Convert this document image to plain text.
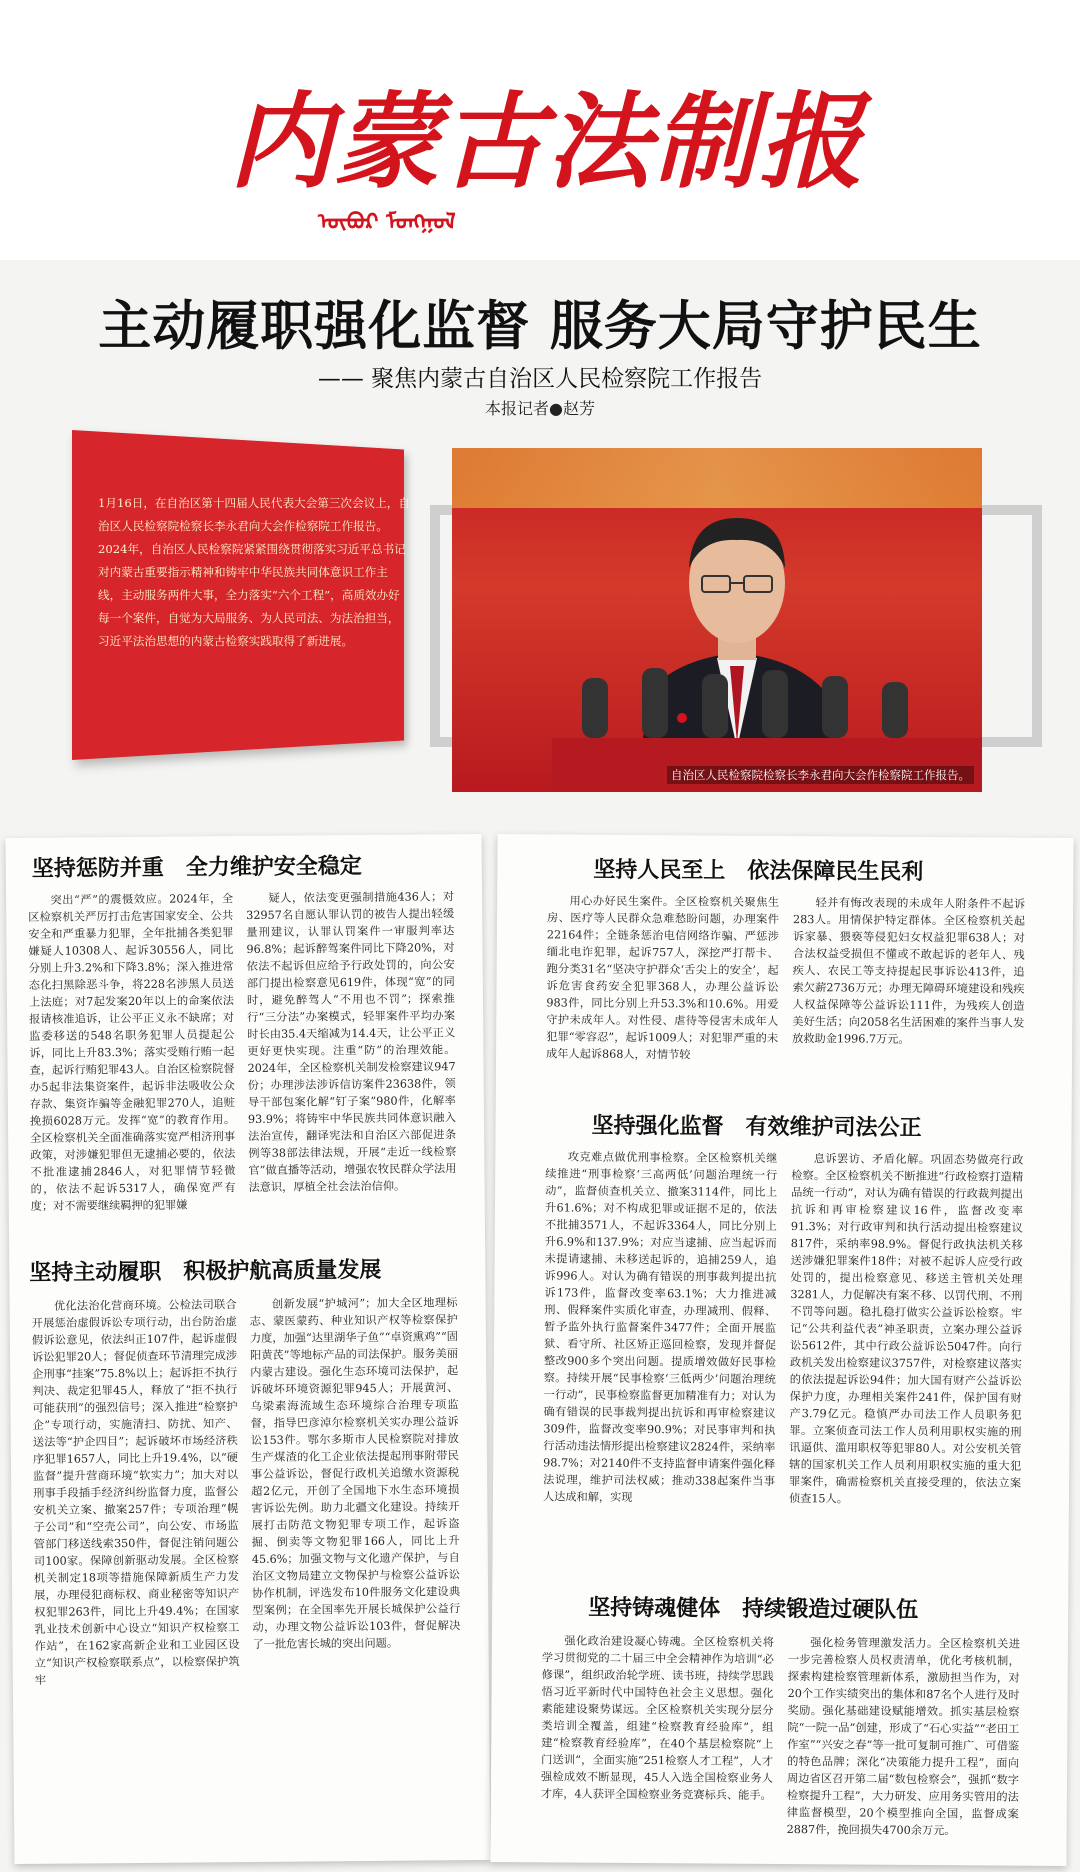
内蒙古法制报
ᠥᠪᠦᠷ ᠮᠣᠩᠭᠣᠯ
主动履职强化监督 服务大局守护民生
—— 聚焦内蒙古自治区人民检察院工作报告
本报记者●赵芳
1月16日，在自治区第十四届人民代表大会第三次会议上，自治区人民检察院检察长李永君向大会作检察院工作报告。2024年，自治区人民检察院紧紧围绕贯彻落实习近平总书记对内蒙古重要指示精神和铸牢中华民族共同体意识工作主线，主动服务两件大事，全力落实“六个工程”，高质效办好每一个案件，自觉为大局服务、为人民司法、为法治担当，习近平法治思想的内蒙古检察实践取得了新进展。
自治区人民检察院检察长李永君向大会作检察院工作报告。
坚持惩防并重　全力维护安全稳定

突出“严”的震慑效应。2024年，全区检察机关严厉打击危害国家安全、公共安全和严重暴力犯罪，全年批捕各类犯罪嫌疑人10308人、起诉30556人，同比分别上升3.2%和下降3.8%；深入推进常态化扫黑除恶斗争，将228名涉黑人员送上法庭；对7起发案20年以上的命案依法报请核准追诉，让公平正义永不缺席；对监委移送的548名职务犯罪人员提起公诉，同比上升83.3%；落实受贿行贿一起查，起诉行贿犯罪43人。自治区检察院督办5起非法集资案件，起诉非法吸收公众存款、集资诈骗等金融犯罪270人，追赃挽损6028万元。发挥“宽”的教育作用。全区检察机关全面准确落实宽严相济刑事政策，对涉嫌犯罪但无逮捕必要的，依法不批准逮捕2846人，对犯罪情节轻微的，依法不起诉5317人，确保宽严有度；对不需要继续羁押的犯罪嫌

疑人，依法变更强制措施436人；对32957名自愿认罪认罚的被告人提出轻缓量刑建议，认罪认罚案件一审服判率达96.8%；起诉醉驾案件同比下降20%，对依法不起诉但应给予行政处罚的，向公安部门提出检察意见619件，体现“宽”的同时，避免醉驾人“不用也不罚”；探索推行“三分法”办案模式，轻罪案件平均办案时长由35.4天缩减为14.4天，让公平正义更好更快实现。注重“防”的治理效能。2024年，全区检察机关制发检察建议947份；办理涉法涉诉信访案件23638件，领导干部包案化解“钉子案”980件，化解率93.9%；将铸牢中华民族共同体意识融入法治宣传，翻译宪法和自治区六部促进条例等38部法律法规，开展“走近一线检察官”做直播等活动，增强农牧民群众学法用法意识，厚植全社会法治信仰。

坚持主动履职　积极护航高质量发展

优化法治化营商环境。公检法司联合开展惩治虚假诉讼专项行动，出台防治虚假诉讼意见，依法纠正107件，起诉虚假诉讼犯罪20人；督促侦查环节清理完成涉企刑事“挂案”75.8%以上；起诉拒不执行判决、裁定犯罪45人，释放了“拒不执行可能获刑”的强烈信号；深入推进“检察护企”专项行动，实施清扫、防扰、知产、送法等“护企四目”；起诉破坏市场经济秩序犯罪1657人，同比上升19.4%，以“硬监督”提升营商环境“软实力”；加大对以刑事手段插手经济纠纷监督力度，监督公安机关立案、撤案257件；专项治理“幌子公司”和“空壳公司”，向公安、市场监管部门移送线索350件，督促注销问题公司100家。保障创新驱动发展。全区检察机关制定18项等措施保障新质生产力发展，办理侵犯商标权、商业秘密等知识产权犯罪263件，同比上升49.4%；在国家乳业技术创新中心设立“知识产权检察工作站”，在162家高新企业和工业园区设立“知识产权检察联系点”，以检察保护筑牢

创新发展“护城河”；加大全区地理标志、蒙医蒙药、种业知识产权等检察保护力度，加强“达里湖华子鱼”“卓资熏鸡”“固阳黄芪”等地标产品的司法保护。服务美丽内蒙古建设。强化生态环境司法保护，起诉破坏环境资源犯罪945人；开展黄河、乌梁素海流域生态环境综合治理专项监督，指导巴彦淖尔检察机关实办理公益诉讼153件。鄂尔多斯市人民检察院对排放生产煤渣的化工企业依法提起刑事附带民事公益诉讼，督促行政机关追缴水资源税超2亿元，开创了全国地下水生态环境损害诉讼先例。助力北疆文化建设。持续开展打击防范文物犯罪专项工作，起诉盗掘、倒卖等文物犯罪166人，同比上升45.6%；加强文物与文化遗产保护，与自治区文物局建立文物保护与检察公益诉讼协作机制，评选发布10件服务文化建设典型案例；在全国率先开展长城保护公益行动，办理文物公益诉讼103件，督促解决了一批危害长城的突出问题。

坚持人民至上　依法保障民生民利

用心办好民生案件。全区检察机关聚焦生房、医疗等人民群众急难愁盼问题，办理案件22164件；全链条惩治电信网络诈骗、严惩涉缅北电诈犯罪，起诉757人，深挖严打帮卡、跑分类31名“坚决守护群众‘舌尖上的安全’，起诉危害食药安全犯罪368人，办理公益诉讼983件，同比分别上升53.3%和10.6%。用爱守护未成年人。对性侵、虐待等侵害未成年人犯罪“零容忍”，起诉1009人；对犯罪严重的未成年人起诉868人，对情节较

轻并有悔改表现的未成年人附条件不起诉283人。用情保护特定群体。全区检察机关起诉家暴、猥亵等侵犯妇女权益犯罪638人；对合法权益受损但不懂或不敢起诉的老年人、残疾人、农民工等支持提起民事诉讼413件，追索欠薪2736万元；办理无障碍环境建设和残疾人权益保障等公益诉讼111件，为残疾人创造美好生活；向2058名生活困难的案件当事人发放救助金1996.7万元。

坚持强化监督　有效维护司法公正

攻克难点做优刑事检察。全区检察机关继续推进“刑事检察‘三高两低’问题治理统一行动”，监督侦查机关立、撤案3114件，同比上升61.6%；对不构成犯罪或证据不足的，依法不批捕3571人，不起诉3364人，同比分别上升6.9%和137.9%；对应当逮捕、应当起诉而未提请逮捕、未移送起诉的，追捕259人，追诉996人。对认为确有错误的刑事裁判提出抗诉173件，监督改变率63.1%；大力推进减刑、假释案件实质化审查，办理减刑、假释、暂予监外执行监督案件3477件；全面开展监狱、看守所、社区矫正巡回检察，发现并督促整改900多个突出问题。提质增效做好民事检察。持续开展“民事检察‘三低两少’问题治理统一行动”，民事检察监督更加精准有力；对认为确有错误的民事裁判提出抗诉和再审检察建议309件，监督改变率90.9%；对民事审判和执行活动违法情形提出检察建议2824件，采纳率98.7%；对2140件不支持监督申请案件强化释法说理，维护司法权威；推动338起案件当事人达成和解，实现

息诉罢访、矛盾化解。巩固态势做亮行政检察。全区检察机关不断推进“行政检察打造精品统一行动”，对认为确有错误的行政裁判提出抗诉和再审检察建议16件，监督改变率91.3%；对行政审判和执行活动提出检察建议817件，采纳率98.9%。督促行政执法机关移送涉嫌犯罪案件18件；对被不起诉人应受行政处罚的，提出检察意见、移送主管机关处理3281人，力促解决有案不移、以罚代刑、不刑不罚等问题。稳扎稳打做实公益诉讼检察。牢记“公共利益代表”神圣职责，立案办理公益诉讼5612件，其中行政公益诉讼5047件。向行政机关发出检察建议3757件，对检察建议落实的依法提起诉讼94件；加大国有财产公益诉讼保护力度，办理相关案件241件，保护国有财产3.79亿元。稳慎严办司法工作人员职务犯罪。立案侦查司法工作人员利用职权实施的刑讯逼供、滥用职权等犯罪80人。对公安机关管辖的国家机关工作人员利用职权实施的重大犯罪案件，确需检察机关直接受理的，依法立案侦查15人。

坚持铸魂健体　持续锻造过硬队伍

强化政治建设凝心铸魂。全区检察机关将学习贯彻党的二十届三中全会精神作为培训“必修课”，组织政治轮学班、读书班，持续学思践悟习近平新时代中国特色社会主义思想。强化素能建设聚势谋远。全区检察机关实现分层分类培训全覆盖，组建“检察教育经验库”，组建“检察教育经验库”，在40个基层检察院“上门送训”，全面实施“251检察人才工程”，人才强检成效不断显现，45人入选全国检察业务人才库，4人获评全国检察业务竞赛标兵、能手。

强化检务管理激发活力。全区检察机关进一步完善检察人员权责清单，优化考核机制，探索构建检察管理新体系，激励担当作为，对20个工作实绩突出的集体和87名个人进行及时奖励。强化基础建设赋能增效。抓实基层检察院“一院一品”创建，形成了“石心实益”“老田工作室”“兴安之春”等一批可复制可推广、可借鉴的特色品牌；深化“决策能力提升工程”，面向周边省区召开第二届“数包检察会”，强抓“数字检察提升工程”，大力研发、应用务实管用的法律监督模型，20个模型推向全国，监督成案2887件，挽回损失4700余万元。
